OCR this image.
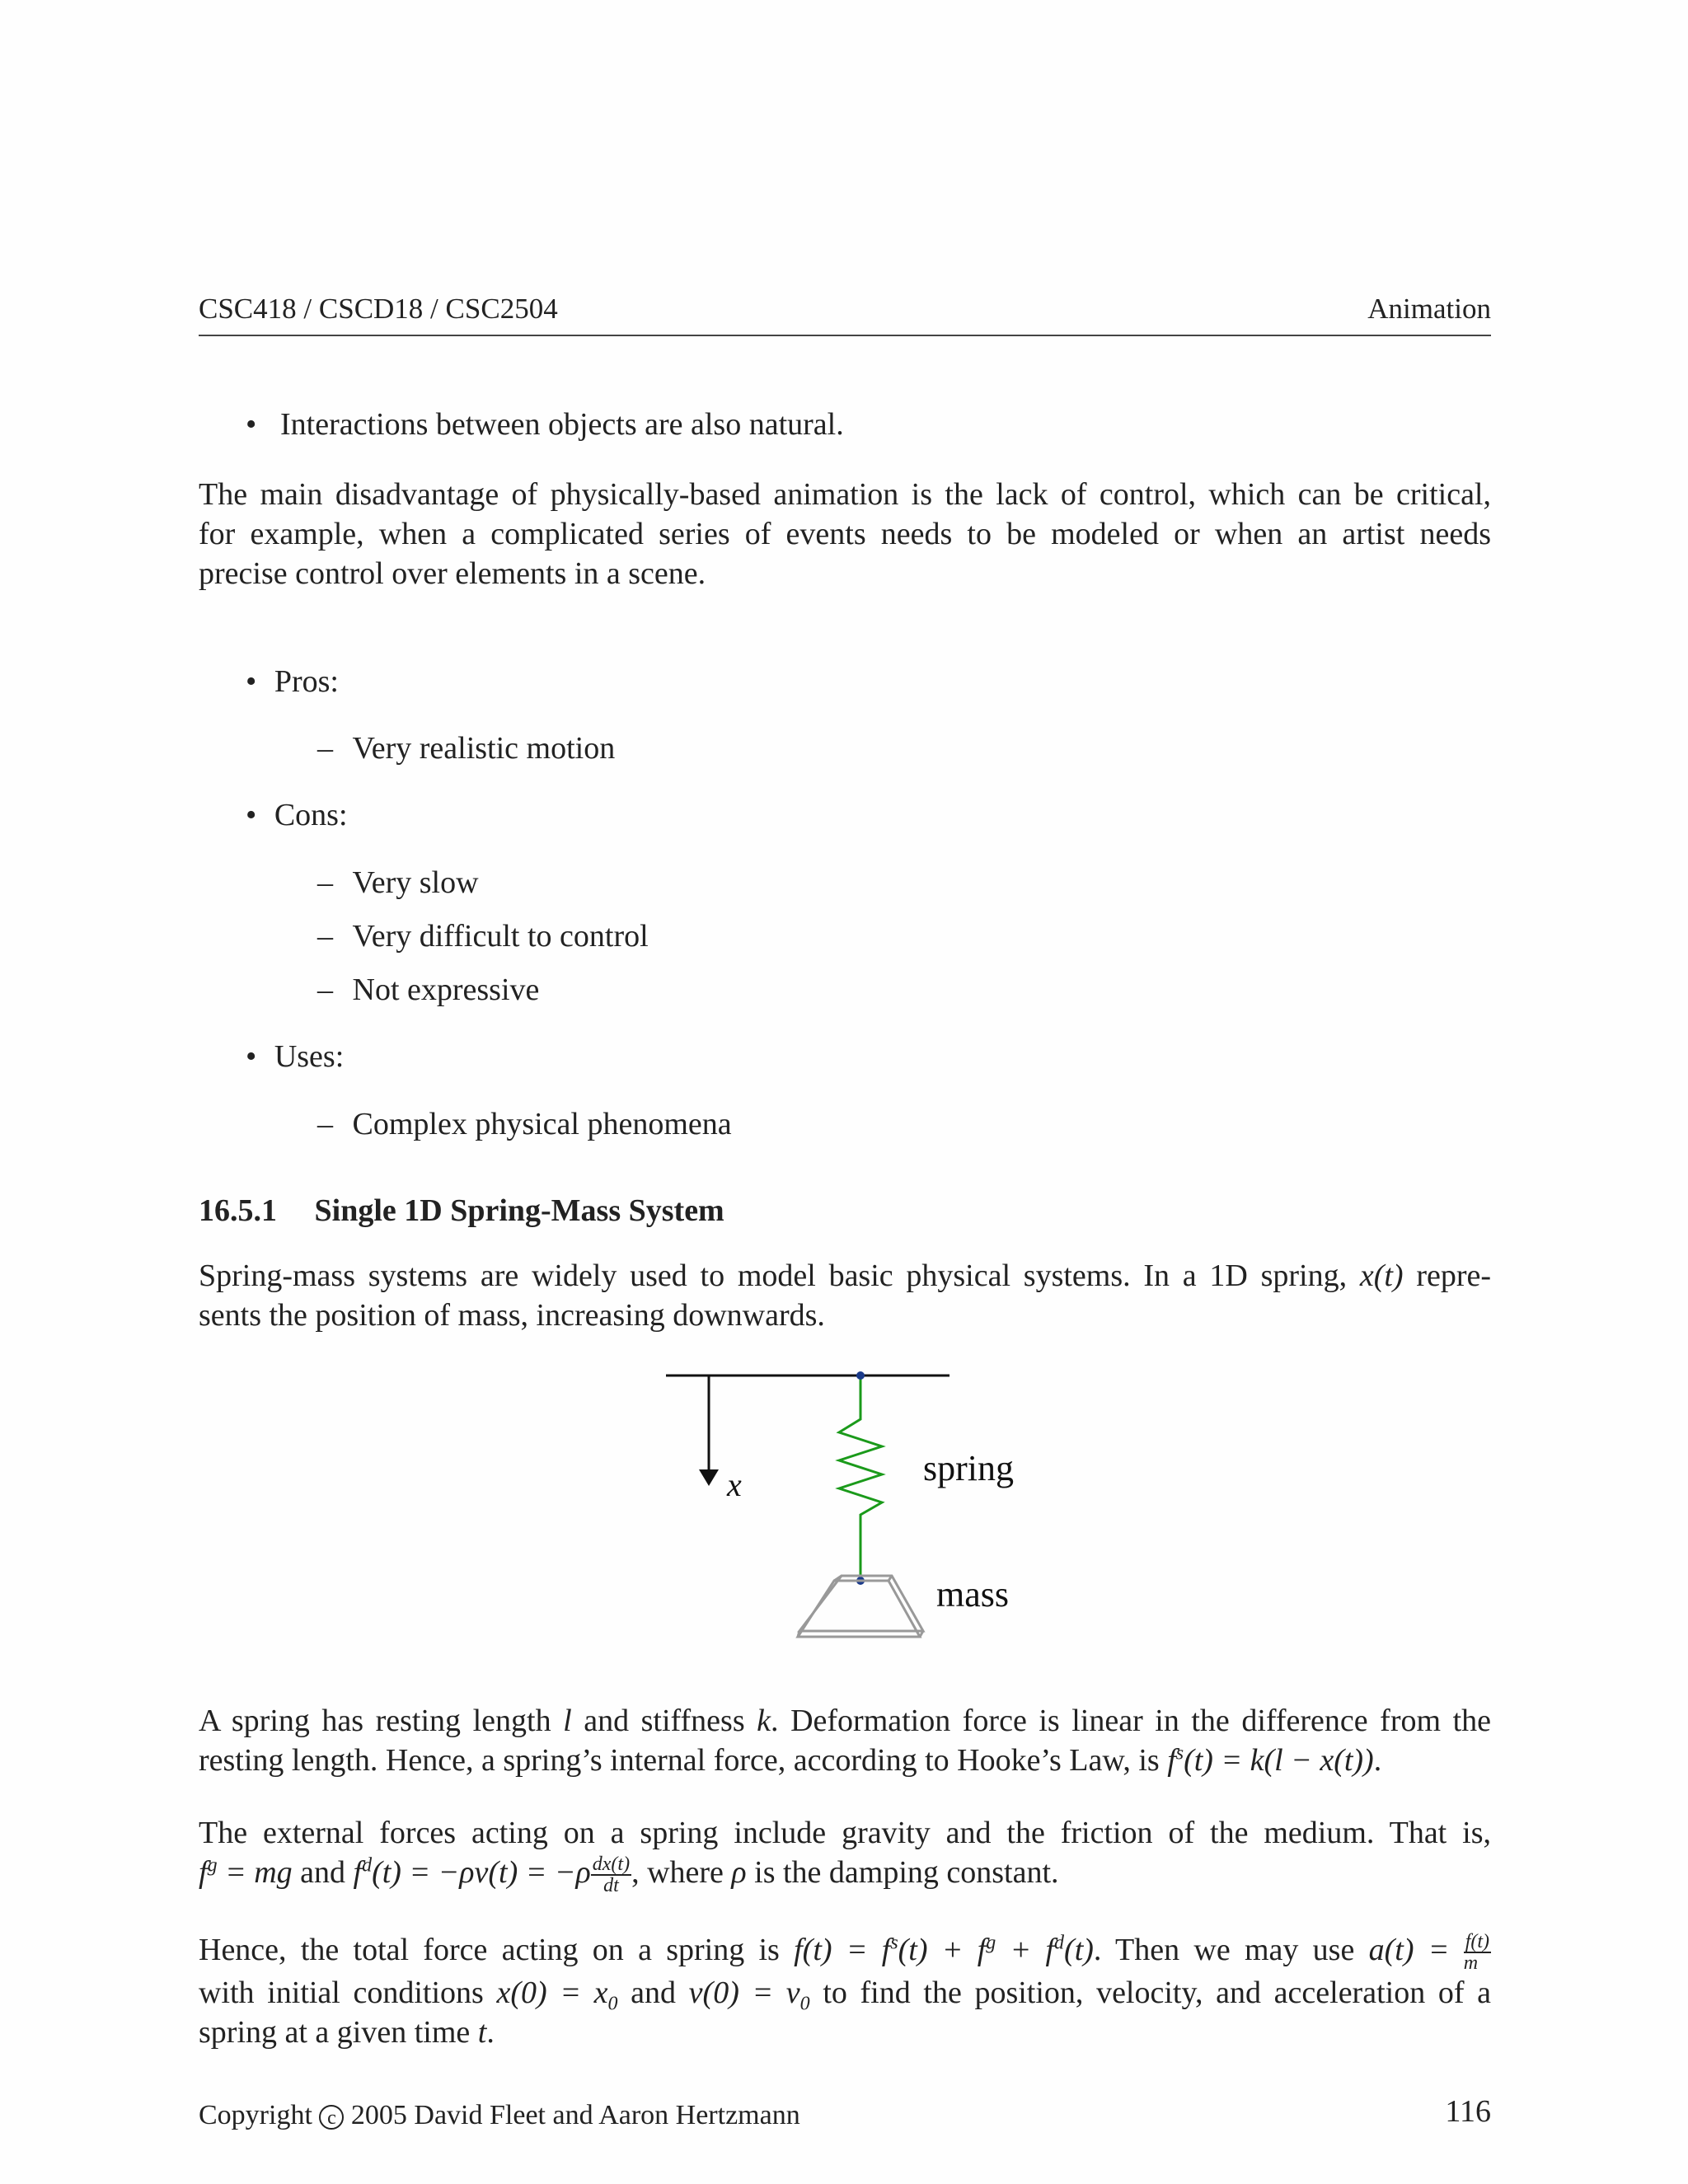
CSC418 / CSCD18 / CSC2504	Animation
• Interactions between objects are also natural.
The main disadvantage of physically-based animation is the lack of control, which can be critical,
for example, when a complicated series of events needs to be modeled or when an artist needs
precise control over elements in a scene.
• Pros:
– Very realistic motion
• Cons:
– Very slow
– Very difficult to control
– Not expressive
• Uses:
– Complex physical phenomena
16.5.1 Single 1D Spring-Mass System
Spring-mass systems are widely used to model basic physical systems. In a 1D spring, x(t) repre-
sents the position of mass, increasing downwards.
x	spring
mass
A spring has resting length l and stiffness k. Deformation force is linear in the difference from the
resting length. Hence, a spring’s internal force, according to Hooke’s Law, is $f^s(t) = k(l - x(t))$.
The external forces acting on a spring include gravity and the friction of the medium. That is,
$f^g$ = mg and $f^d(t) = -\rho v(t) = -\rho \frac{dx(t)}{dt}$ , where ρ is the damping constant.
Hence, the total force acting on a spring is $f(t) = f^s(t) + f^g + f^d(t)$. Then we may use $a(t) = \frac{f(t)}{m}$
with initial conditions $x(0) = x_0$ and $v(0) = v_0$ to find the position, velocity, and acceleration of a
spring at a given time t.
Copyright c 2005 David Fleet and Aaron Hertzmann	116
